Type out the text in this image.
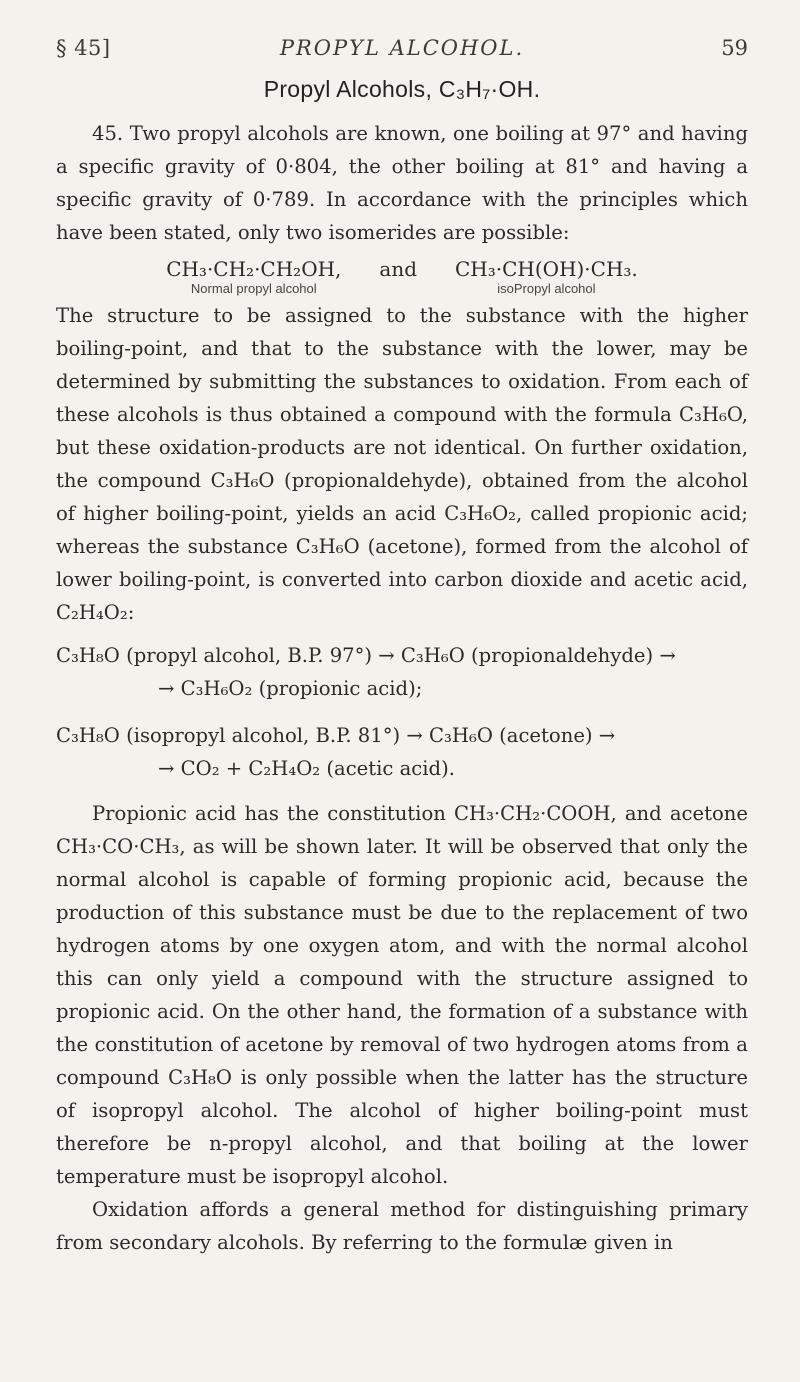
§ 45]	PROPYL ALCOHOL.	59
Propyl Alcohols, C₃H₇·OH.

45. Two propyl alcohols are known, one boiling at 97° and having a specific gravity of 0·804, the other boiling at 81° and having a specific gravity of 0·789. In accordance with the principles which have been stated, only two isomerides are possible:

CH₃·CH₂·CH₂OH,
Normal propyl alcohol
and CH₃·CH(OH)·CH₃.
isoPropyl alcohol

The structure to be assigned to the substance with the higher boiling-point, and that to the substance with the lower, may be determined by submitting the substances to oxidation. From each of these alcohols is thus obtained a compound with the formula C₃H₆O, but these oxidation-products are not identical. On further oxidation, the compound C₃H₆O (propionaldehyde), obtained from the alcohol of higher boiling-point, yields an acid C₃H₆O₂, called propionic acid; whereas the substance C₃H₆O (acetone), formed from the alcohol of lower boiling-point, is converted into carbon dioxide and acetic acid, C₂H₄O₂:

C₃H₈O (propyl alcohol, B.P. 97°) → C₃H₆O (propionaldehyde) →
→ C₃H₆O₂ (propionic acid);
C₃H₈O (isopropyl alcohol, B.P. 81°) → C₃H₆O (acetone) →
→ CO₂ + C₂H₄O₂ (acetic acid).

Propionic acid has the constitution CH₃·CH₂·COOH, and acetone CH₃·CO·CH₃, as will be shown later. It will be observed that only the normal alcohol is capable of forming propionic acid, because the production of this substance must be due to the replacement of two hydrogen atoms by one oxygen atom, and with the normal alcohol this can only yield a compound with the structure assigned to propionic acid. On the other hand, the formation of a substance with the constitution of acetone by removal of two hydrogen atoms from a compound C₃H₈O is only possible when the latter has the structure of isopropyl alcohol. The alcohol of higher boiling-point must therefore be n-propyl alcohol, and that boiling at the lower temperature must be isopropyl alcohol.

Oxidation affords a general method for distinguishing primary from secondary alcohols. By referring to the formulæ given in
